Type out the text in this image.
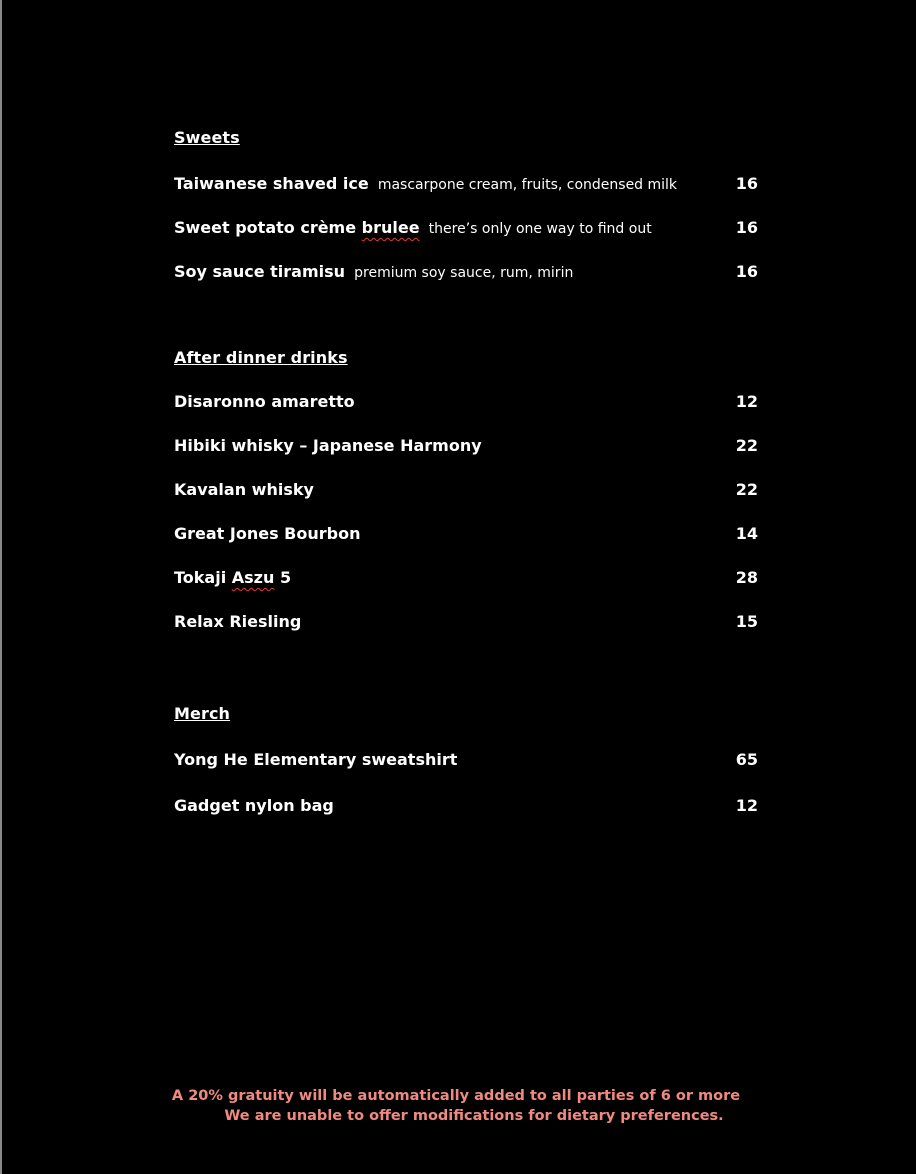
Sweets
Taiwanese shaved ice mascarpone cream, fruits, condensed milk	16
Sweet potato crème brulee there’s only one way to find out	16
Soy sauce tiramisu premium soy sauce, rum, mirin	16
After dinner drinks
Disaronno amaretto	12
Hibiki whisky – Japanese Harmony	22
Kavalan whisky	22
Great Jones Bourbon	14
Tokaji Aszu 5	28
Relax Riesling	15
Merch
Yong He Elementary sweatshirt	65
Gadget nylon bag	12
A 20% gratuity will be automatically added to all parties of 6 or more
We are unable to offer modifications for dietary preferences.
